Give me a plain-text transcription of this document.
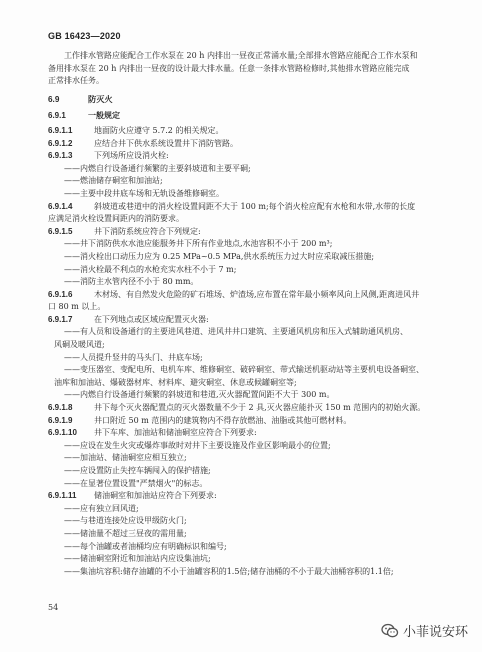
GB 16423—2020
工作排水管路应能配合工作水泵在 20 h 内排出一昼夜正常涌水量;全部排水管路应能配合工作水泵和
备用排水泵在 20 h 内排出一昼夜的设计最大排水量。任意一条排水管路检修时,其他排水管路应能完成
正常排水任务。
6.9	防灭火
6.9.1	一般规定
6.9.1.1	地面防火应遵守 5.7.2 的相关规定。
6.9.1.2	应结合井下供水系统设置井下消防管路。
6.9.1.3	下列场所应设消火栓:
——内燃自行设备通行频繁的主要斜坡道和主要平硐;
——燃油储存硐室和加油站;
——主要中段井底车场和无轨设备维修硐室。
6.9.1.4	斜坡道或巷道中的消火栓设置间距不大于 100 m;每个消火栓应配有水枪和水带,水带的长度
应满足消火栓设置间距内的消防要求。
6.9.1.5	井下消防系统应符合下列规定:
——井下消防供水水池应能服务井下所有作业地点,水池容积不小于 200 m³;
——消火栓出口动压力应为 0.25 MPa~0.5 MPa,供水系统压力过大时应采取减压措施;
——消火栓最不利点的水枪充实水柱不小于 7 m;
——消防主水管内径不小于 80 mm。
6.9.1.6	木材场、有自然发火危险的矿石堆场、炉渣场,应布置在常年最小频率风向上风侧,距离进风井
口 80 m 以上。
6.9.1.7	在下列地点或区域应配置灭火器:
——有人员和设备通行的主要进风巷道、进风井井口建筑、主要通风机房和压入式辅助通风机房、
风硐及暖风道;
——人员提升竖井的马头门、井底车场;
——变压器室、变配电所、电机车库、维修硐室、破碎硐室、带式输送机驱动站等主要机电设备硐室、
油库和加油站、爆破器材库、材料库、避灾硐室、休息或候罐硐室等;
——内燃自行设备通行频繁的斜坡道和巷道,灭火器配置间距不大于 300 m。
6.9.1.8	井下每个灭火器配置点的灭火器数量不少于 2 具,灭火器应能扑灭 150 m 范围内的初始火源。
6.9.1.9	井口附近 50 m 范围内的建筑物内不得存放燃油、油脂或其他可燃材料。
6.9.1.10 井下车库、加油站和储油硐室应符合下列要求:
——应设在发生火灾或爆炸事故时对井下主要设施及作业区影响最小的位置;
——加油站、储油硐室应相互独立;
——应设置防止失控车辆闯入的保护措施;
——在显著位置设置"严禁烟火"的标志。
6.9.1.11 储油硐室和加油站应符合下列要求:
——应有独立回风道;
——与巷道连接处应设甲级防火门;
——储油量不超过三昼夜的需用量;
——每个油罐或者油桶均应有明确标识和编号;
——储油硐室附近和加油站内应设集油坑;
——集油坑容积:储存油罐的不小于油罐容积的1.5倍;储存油桶的不小于最大油桶容积的1.1倍;
54
小菲说安环
